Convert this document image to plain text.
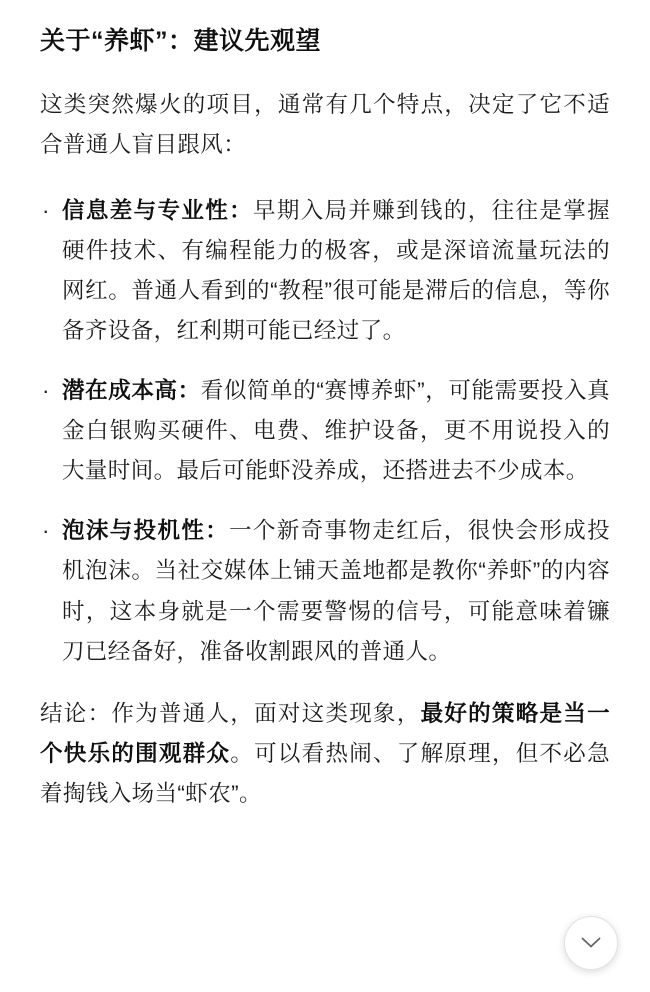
关于“养虾”：建议先观望

这类突然爆火的项目，通常有几个特点，决定了它不适合普通人盲目跟风：

· 信息差与专业性：早期入局并赚到钱的，往往是掌握硬件技术、有编程能力的极客，或是深谙流量玩法的网红。普通人看到的“教程”很可能是滞后的信息，等你备齐设备，红利期可能已经过了。
· 潜在成本高：看似简单的“赛博养虾”，可能需要投入真金白银购买硬件、电费、维护设备，更不用说投入的大量时间。最后可能虾没养成，还搭进去不少成本。
· 泡沫与投机性：一个新奇事物走红后，很快会形成投机泡沫。当社交媒体上铺天盖地都是教你“养虾”的内容时，这本身就是一个需要警惕的信号，可能意味着镰刀已经备好，准备收割跟风的普通人。

结论：作为普通人，面对这类现象，最好的策略是当一个快乐的围观群众。可以看热闹、了解原理，但不必急着掏钱入场当“虾农”。
